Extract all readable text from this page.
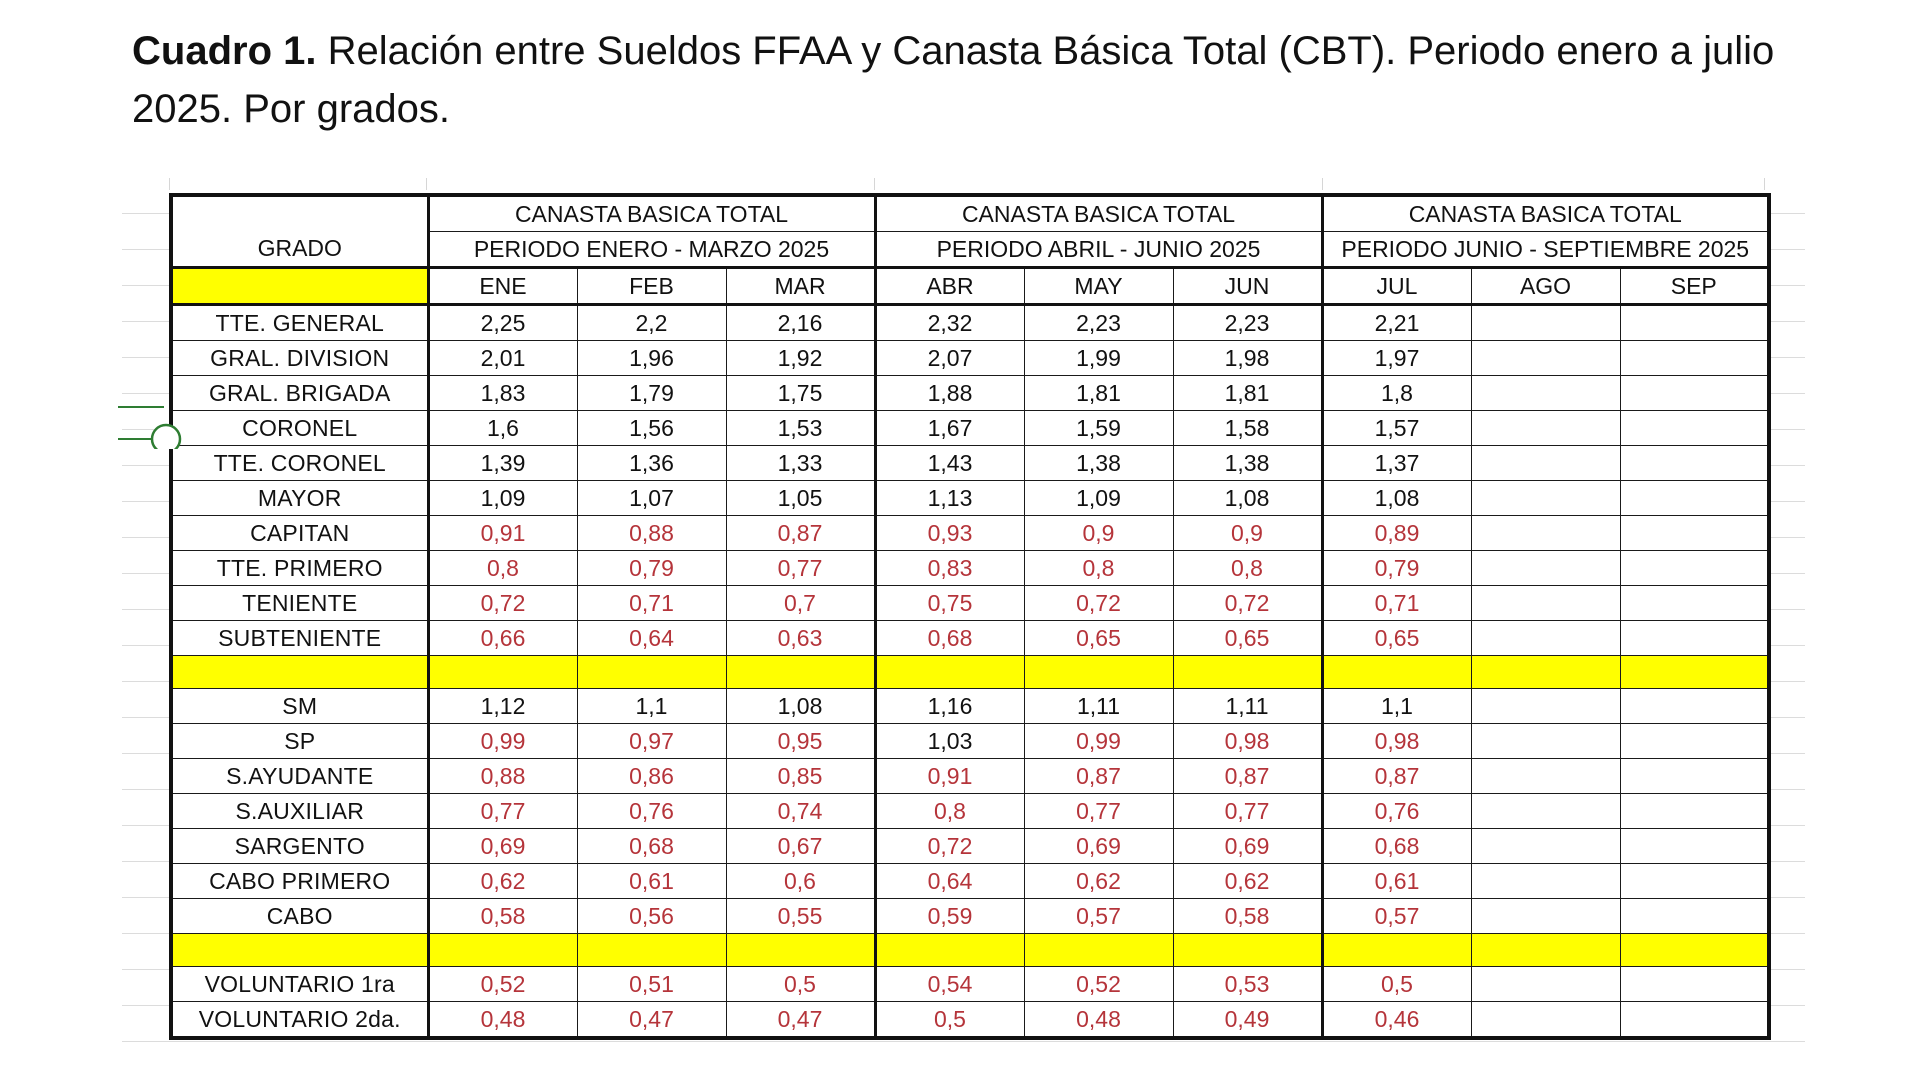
Cuadro 1. Relación entre Sueldos FFAA y Canasta Básica Total (CBT). Periodo enero a julio 2025. Por grados.
GRADO	CANASTA BASICA TOTAL			CANASTA BASICA TOTAL			CANASTA BASICA TOTAL		
	PERIODO ENERO - MARZO 2025			PERIODO ABRIL - JUNIO 2025			PERIODO JUNIO - SEPTIEMBRE 2025		
	ENE	FEB	MAR	ABR	MAY	JUN	JUL	AGO	SEP
TTE. GENERAL	2,25	2,2	2,16	2,32	2,23	2,23	2,21		
GRAL. DIVISION	2,01	1,96	1,92	2,07	1,99	1,98	1,97		
GRAL. BRIGADA	1,83	1,79	1,75	1,88	1,81	1,81	1,8		
CORONEL	1,6	1,56	1,53	1,67	1,59	1,58	1,57		
TTE. CORONEL	1,39	1,36	1,33	1,43	1,38	1,38	1,37		
MAYOR	1,09	1,07	1,05	1,13	1,09	1,08	1,08		
CAPITAN	0,91	0,88	0,87	0,93	0,9	0,9	0,89		
TTE. PRIMERO	0,8	0,79	0,77	0,83	0,8	0,8	0,79		
TENIENTE	0,72	0,71	0,7	0,75	0,72	0,72	0,71		
SUBTENIENTE	0,66	0,64	0,63	0,68	0,65	0,65	0,65		

SM	1,12	1,1	1,08	1,16	1,11	1,11	1,1		
SP	0,99	0,97	0,95	1,03	0,99	0,98	0,98		
S.AYUDANTE	0,88	0,86	0,85	0,91	0,87	0,87	0,87		
S.AUXILIAR	0,77	0,76	0,74	0,8	0,77	0,77	0,76		
SARGENTO	0,69	0,68	0,67	0,72	0,69	0,69	0,68		
CABO PRIMERO	0,62	0,61	0,6	0,64	0,62	0,62	0,61		
CABO	0,58	0,56	0,55	0,59	0,57	0,58	0,57		

VOLUNTARIO 1ra	0,52	0,51	0,5	0,54	0,52	0,53	0,5		
VOLUNTARIO 2da.	0,48	0,47	0,47	0,5	0,48	0,49	0,46		
